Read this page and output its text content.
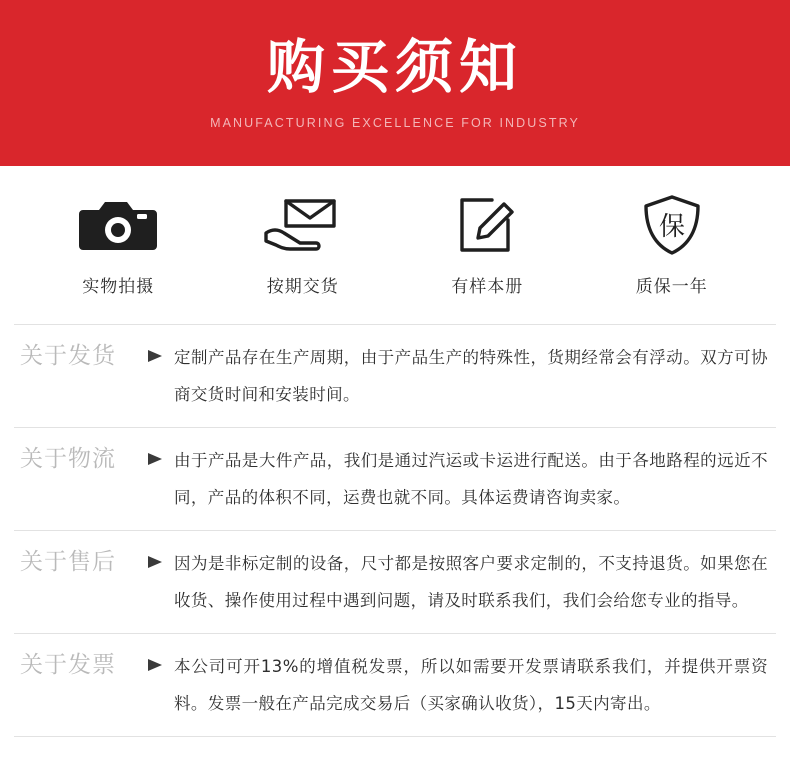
购买须知
MANUFACTURING EXCELLENCE FOR INDUSTRY
实物拍摄	按期交货	有样本册
保
质保一年
关于发货	定制产品存在生产周期，由于产品生产的特殊性，货期经常会有浮动。双方可协商交货时间和安装时间。
关于物流	由于产品是大件产品，我们是通过汽运或卡运进行配送。由于各地路程的远近不同，产品的体积不同，运费也就不同。具体运费请咨询卖家。
关于售后	因为是非标定制的设备，尺寸都是按照客户要求定制的，不支持退货。如果您在收货、操作使用过程中遇到问题，请及时联系我们，我们会给您专业的指导。
关于发票	本公司可开13%的增值税发票，所以如需要开发票请联系我们，并提供开票资料。发票一般在产品完成交易后（买家确认收货），15天内寄出。
